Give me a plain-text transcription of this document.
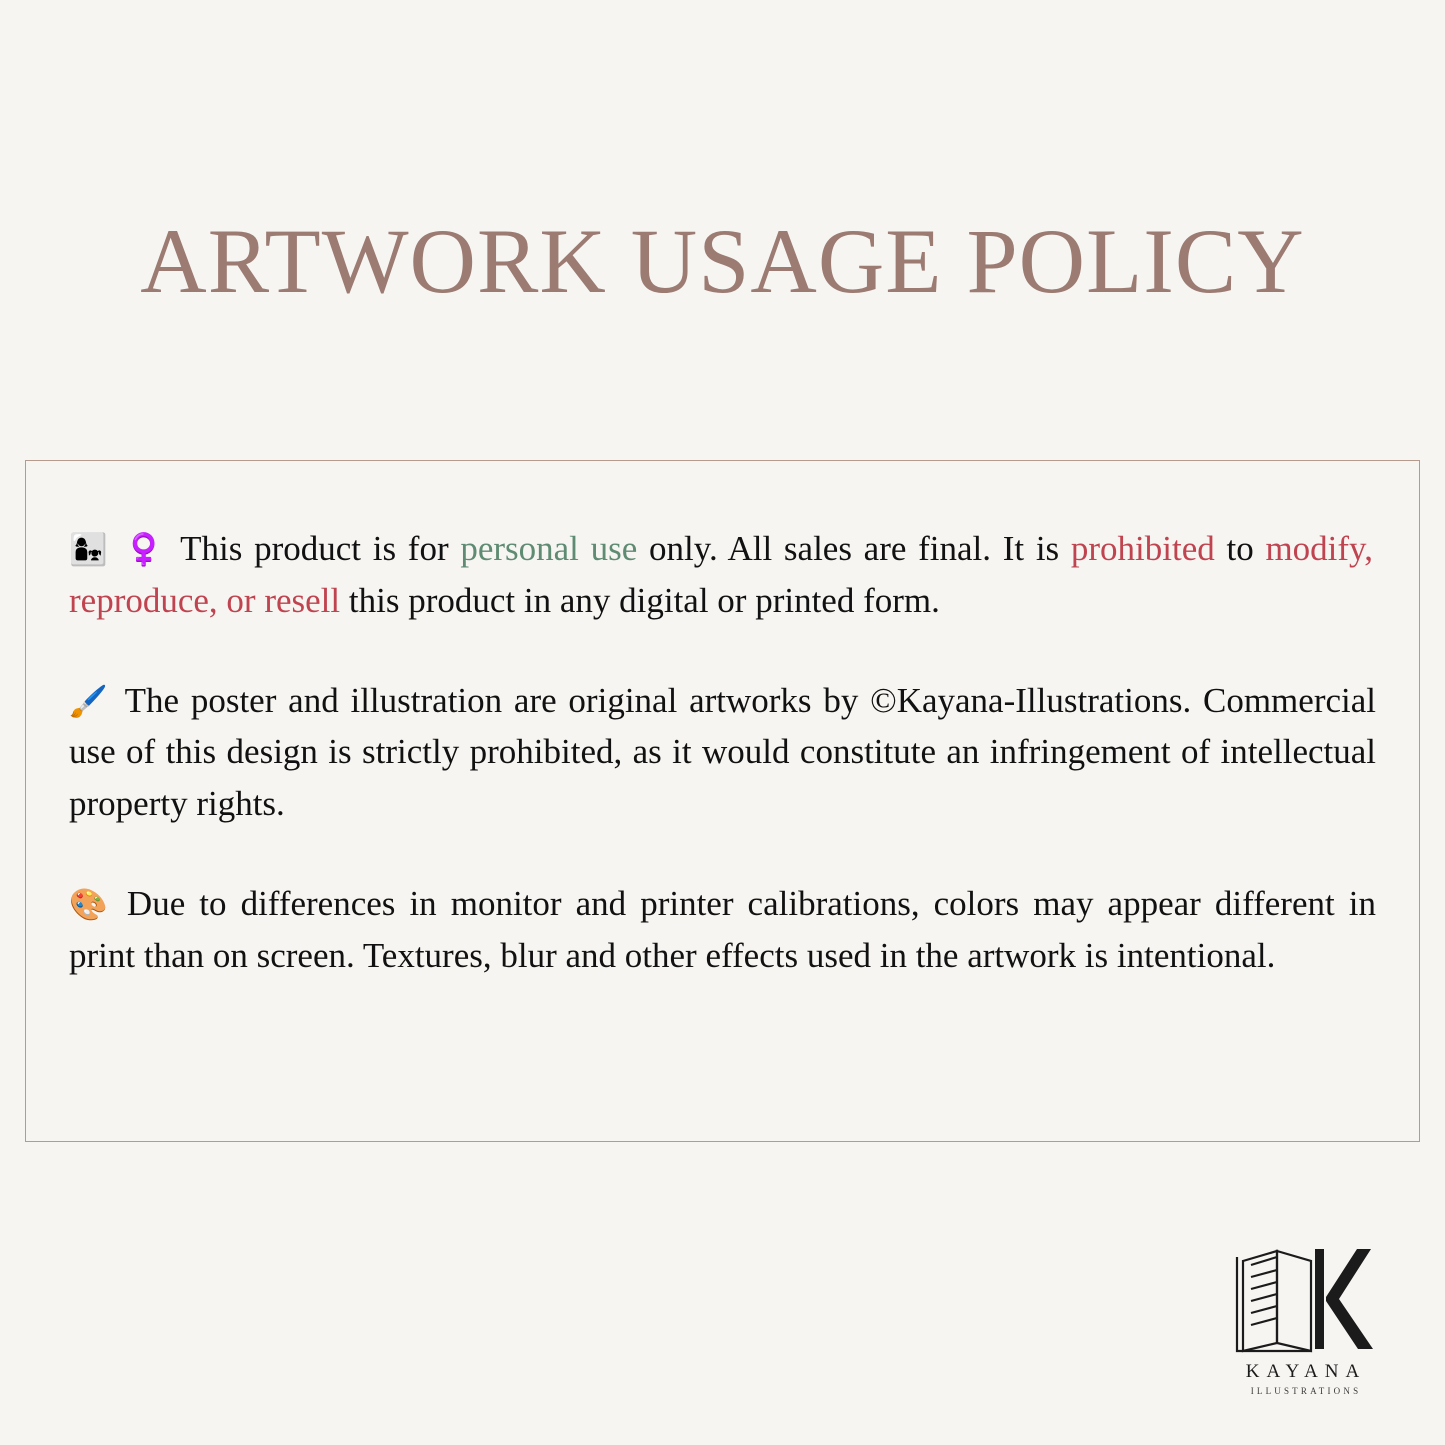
ARTWORK USAGE POLICY

👩‍👧 ♀️ This product is for personal use only. All sales are final. It is prohibited to modify, reproduce, or resell this product in any digital or printed form.

🖌️ The poster and illustration are original artworks by ©Kayana-Illustrations. Commercial use of this design is strictly prohibited, as it would constitute an infringement of intellectual property rights.

🎨 Due to differences in monitor and printer calibrations, colors may appear different in print than on screen. Textures, blur and other effects used in the artwork is intentional.

KAYANA
ILLUSTRATIONS
